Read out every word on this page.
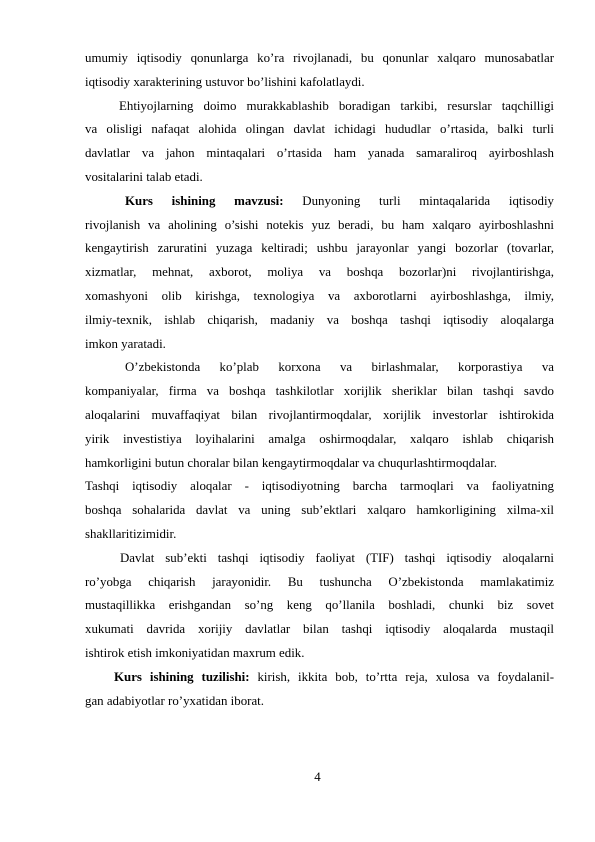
umumiy iqtisodiy qonunlarga ko’ra rivojlanadi, bu qonunlar xalqaro munosabatlar
iqtisodiy xarakterining ustuvor bo’lishini kafolatlaydi.
Ehtiyojlarning doimo murakkablashib boradigan tarkibi, resurslar taqchilligi
va olisligi nafaqat alohida olingan davlat ichidagi hududlar o’rtasida, balki turli
davlatlar va jahon mintaqalari o’rtasida ham yanada samaraliroq ayirboshlash
vositalarini talab etadi.
Kurs ishining mavzusi: Dunyoning turli mintaqalarida iqtisodiy
rivojlanish va aholining o’sishi notekis yuz beradi, bu ham xalqaro ayirboshlashni
kengaytirish zaruratini yuzaga keltiradi; ushbu jarayonlar yangi bozorlar (tovarlar,
xizmatlar, mehnat, axborot, moliya va boshqa bozorlar)ni rivojlantirishga,
xomashyoni olib kirishga, texnologiya va axborotlarni ayirboshlashga, ilmiy,
ilmiy-texnik, ishlab chiqarish, madaniy va boshqa tashqi iqtisodiy aloqalarga
imkon yaratadi.
O’zbekistonda ko’plab korxona va birlashmalar, korporastiya va
kompaniyalar, firma va boshqa tashkilotlar xorijlik sheriklar bilan tashqi savdo
aloqalarini muvaffaqiyat bilan rivojlantirmoqdalar, xorijlik investorlar ishtirokida
yirik investistiya loyihalarini amalga oshirmoqdalar, xalqaro ishlab chiqarish
hamkorligini butun choralar bilan kengaytirmoqdalar va chuqurlashtirmoqdalar.
Tashqi iqtisodiy aloqalar - iqtisodiyotning barcha tarmoqlari va faoliyatning
boshqa sohalarida davlat va uning sub’ektlari xalqaro hamkorligining xilma-xil
shakllaritizimidir.
Davlat sub’ekti tashqi iqtisodiy faoliyat (TIF) tashqi iqtisodiy aloqalarni
ro’yobga chiqarish jarayonidir. Bu tushuncha O’zbekistonda mamlakatimiz
mustaqillikka erishgandan so’ng keng qo’llanila boshladi, chunki biz sovet
xukumati davrida xorijiy davlatlar bilan tashqi iqtisodiy aloqalarda mustaqil
ishtirok etish imkoniyatidan maxrum edik.
Kurs ishining tuzilishi: kirish, ikkita bob, to’rtta reja, xulosa va foydalanil-
gan adabiyotlar ro’yxatidan iborat.
4
